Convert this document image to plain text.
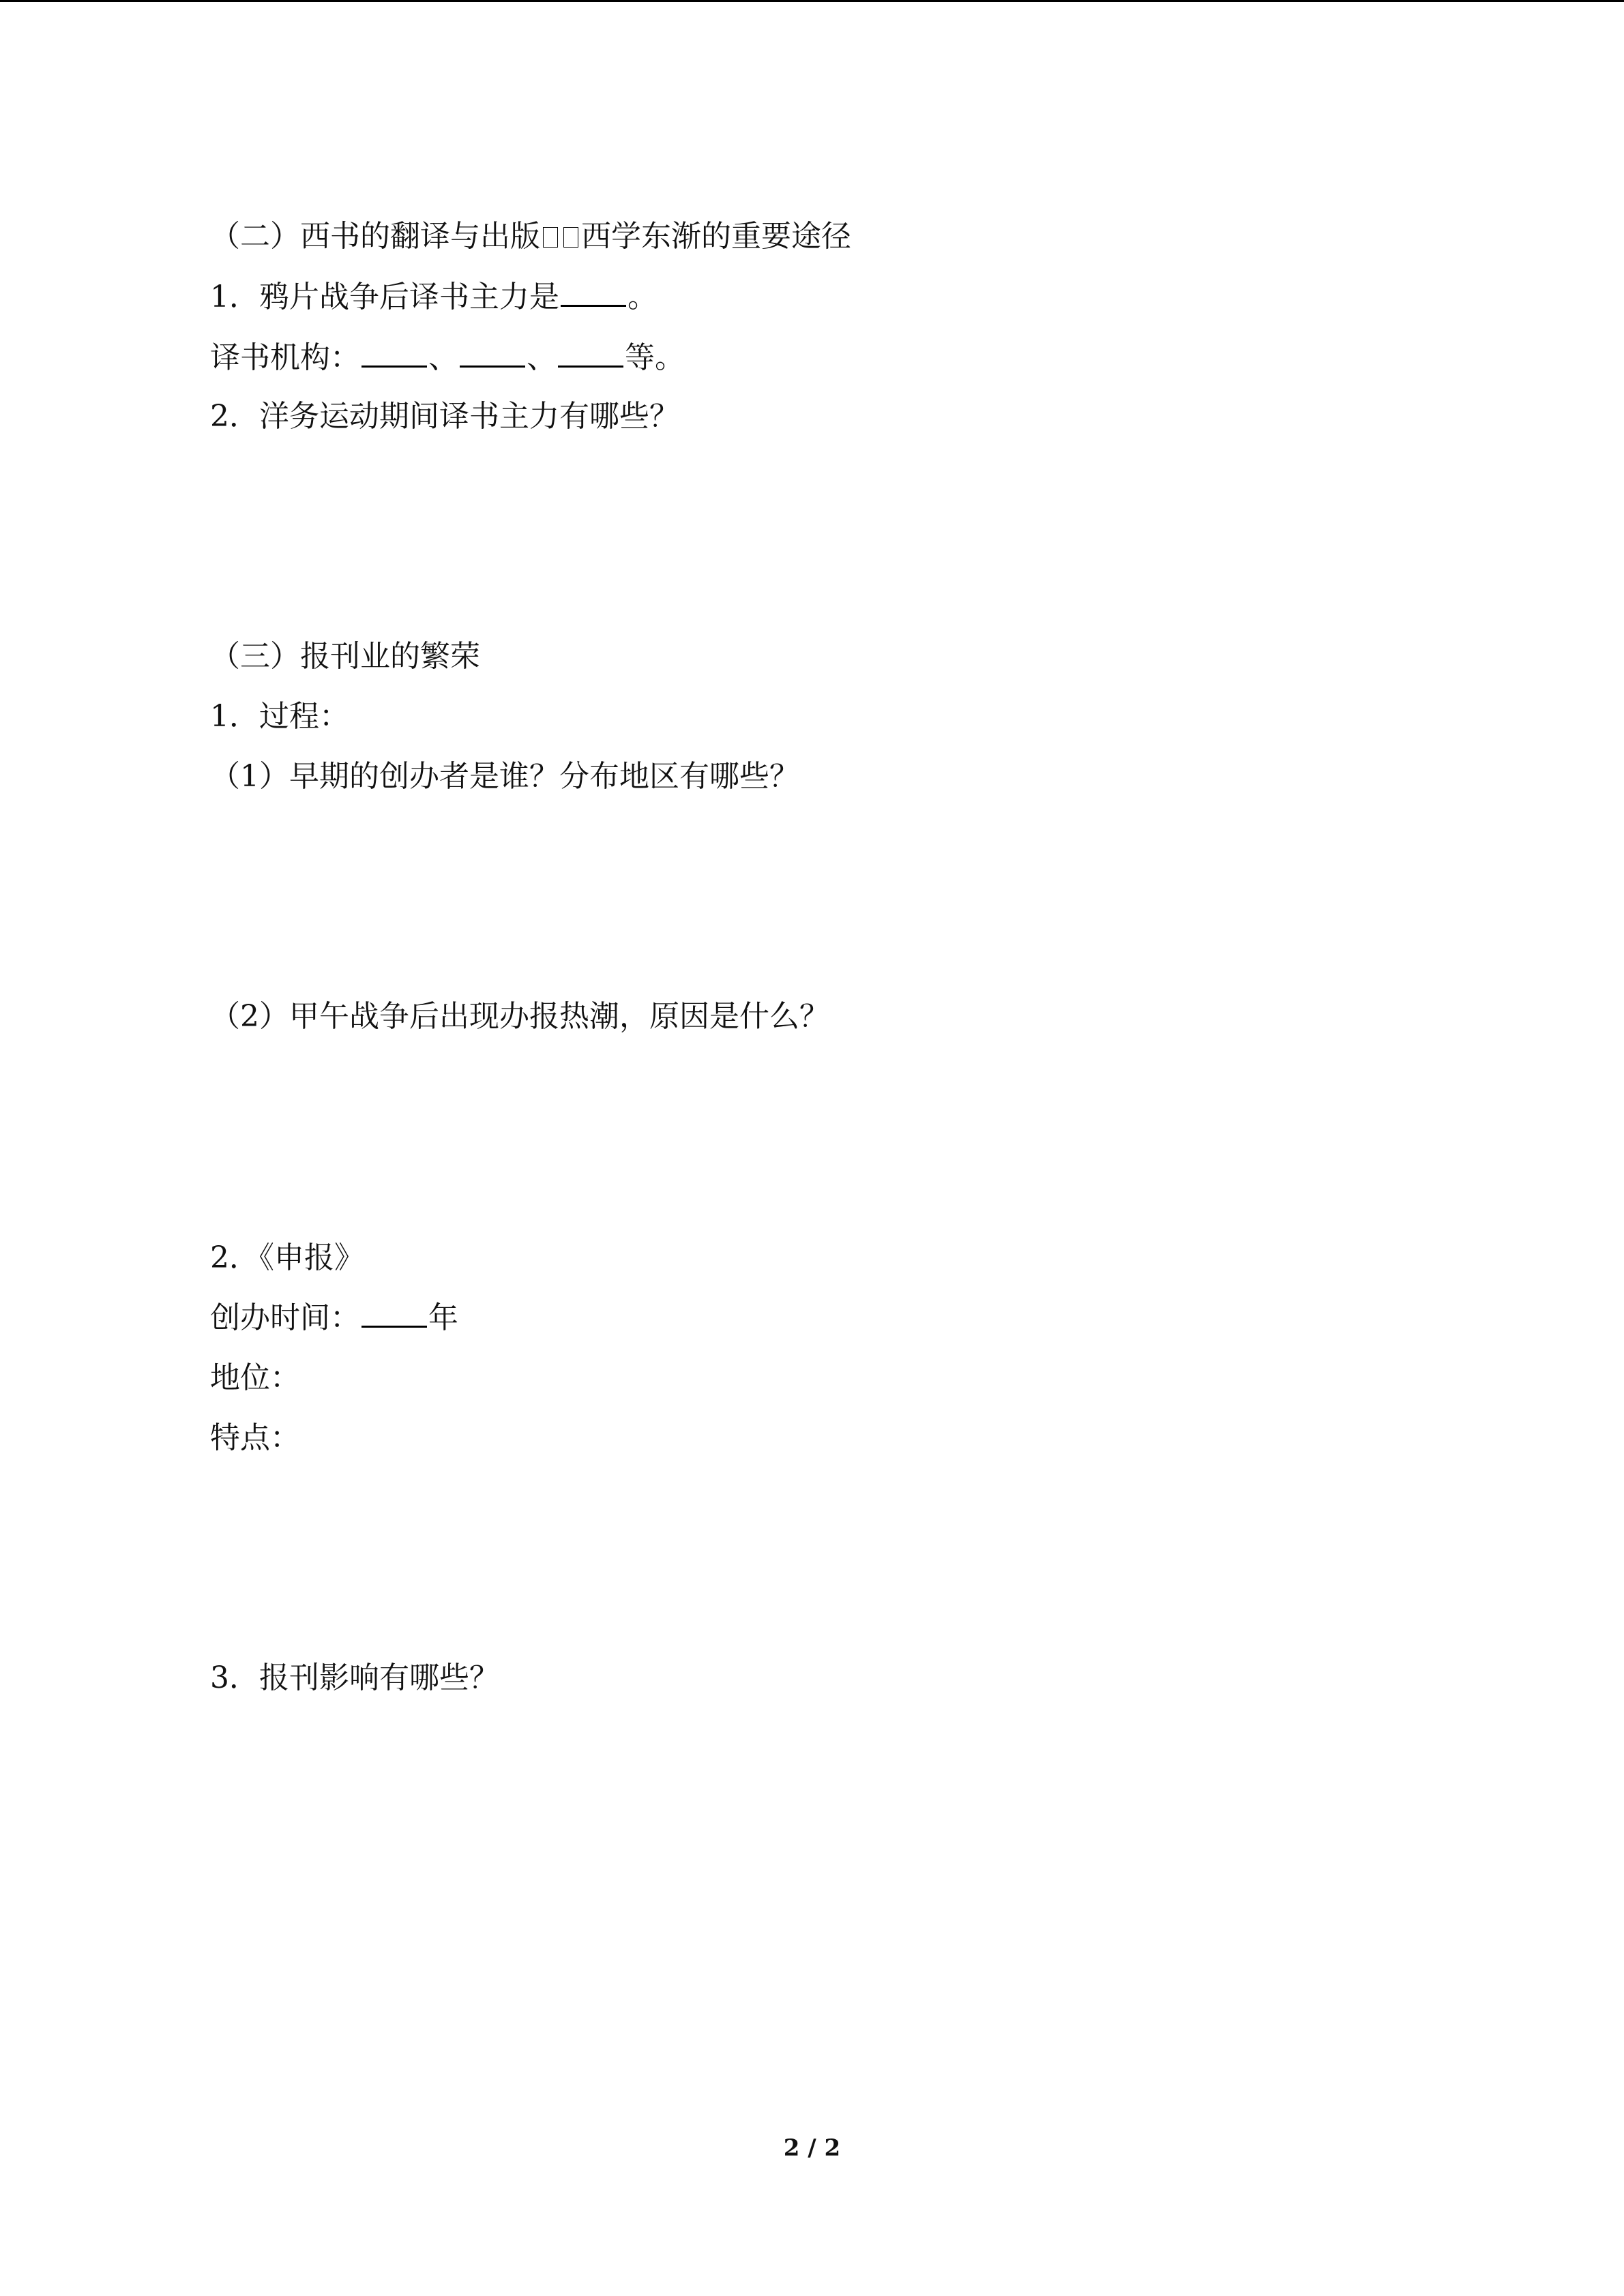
（二）西书的翻译与出版 西学东渐的重要途径
1．鸦片战争后译书主力是 。
译书机构： 、 、 等。
2．洋务运动期间译书主力有哪些？
（三）报刊业的繁荣
1．过程：
（1）早期的创办者是谁？分布地区有哪些？
（2）甲午战争后出现办报热潮，原因是什么？
2．《申报》
创办时间： 年
地位：
特点：
3．报刊影响有哪些？
2 / 2
